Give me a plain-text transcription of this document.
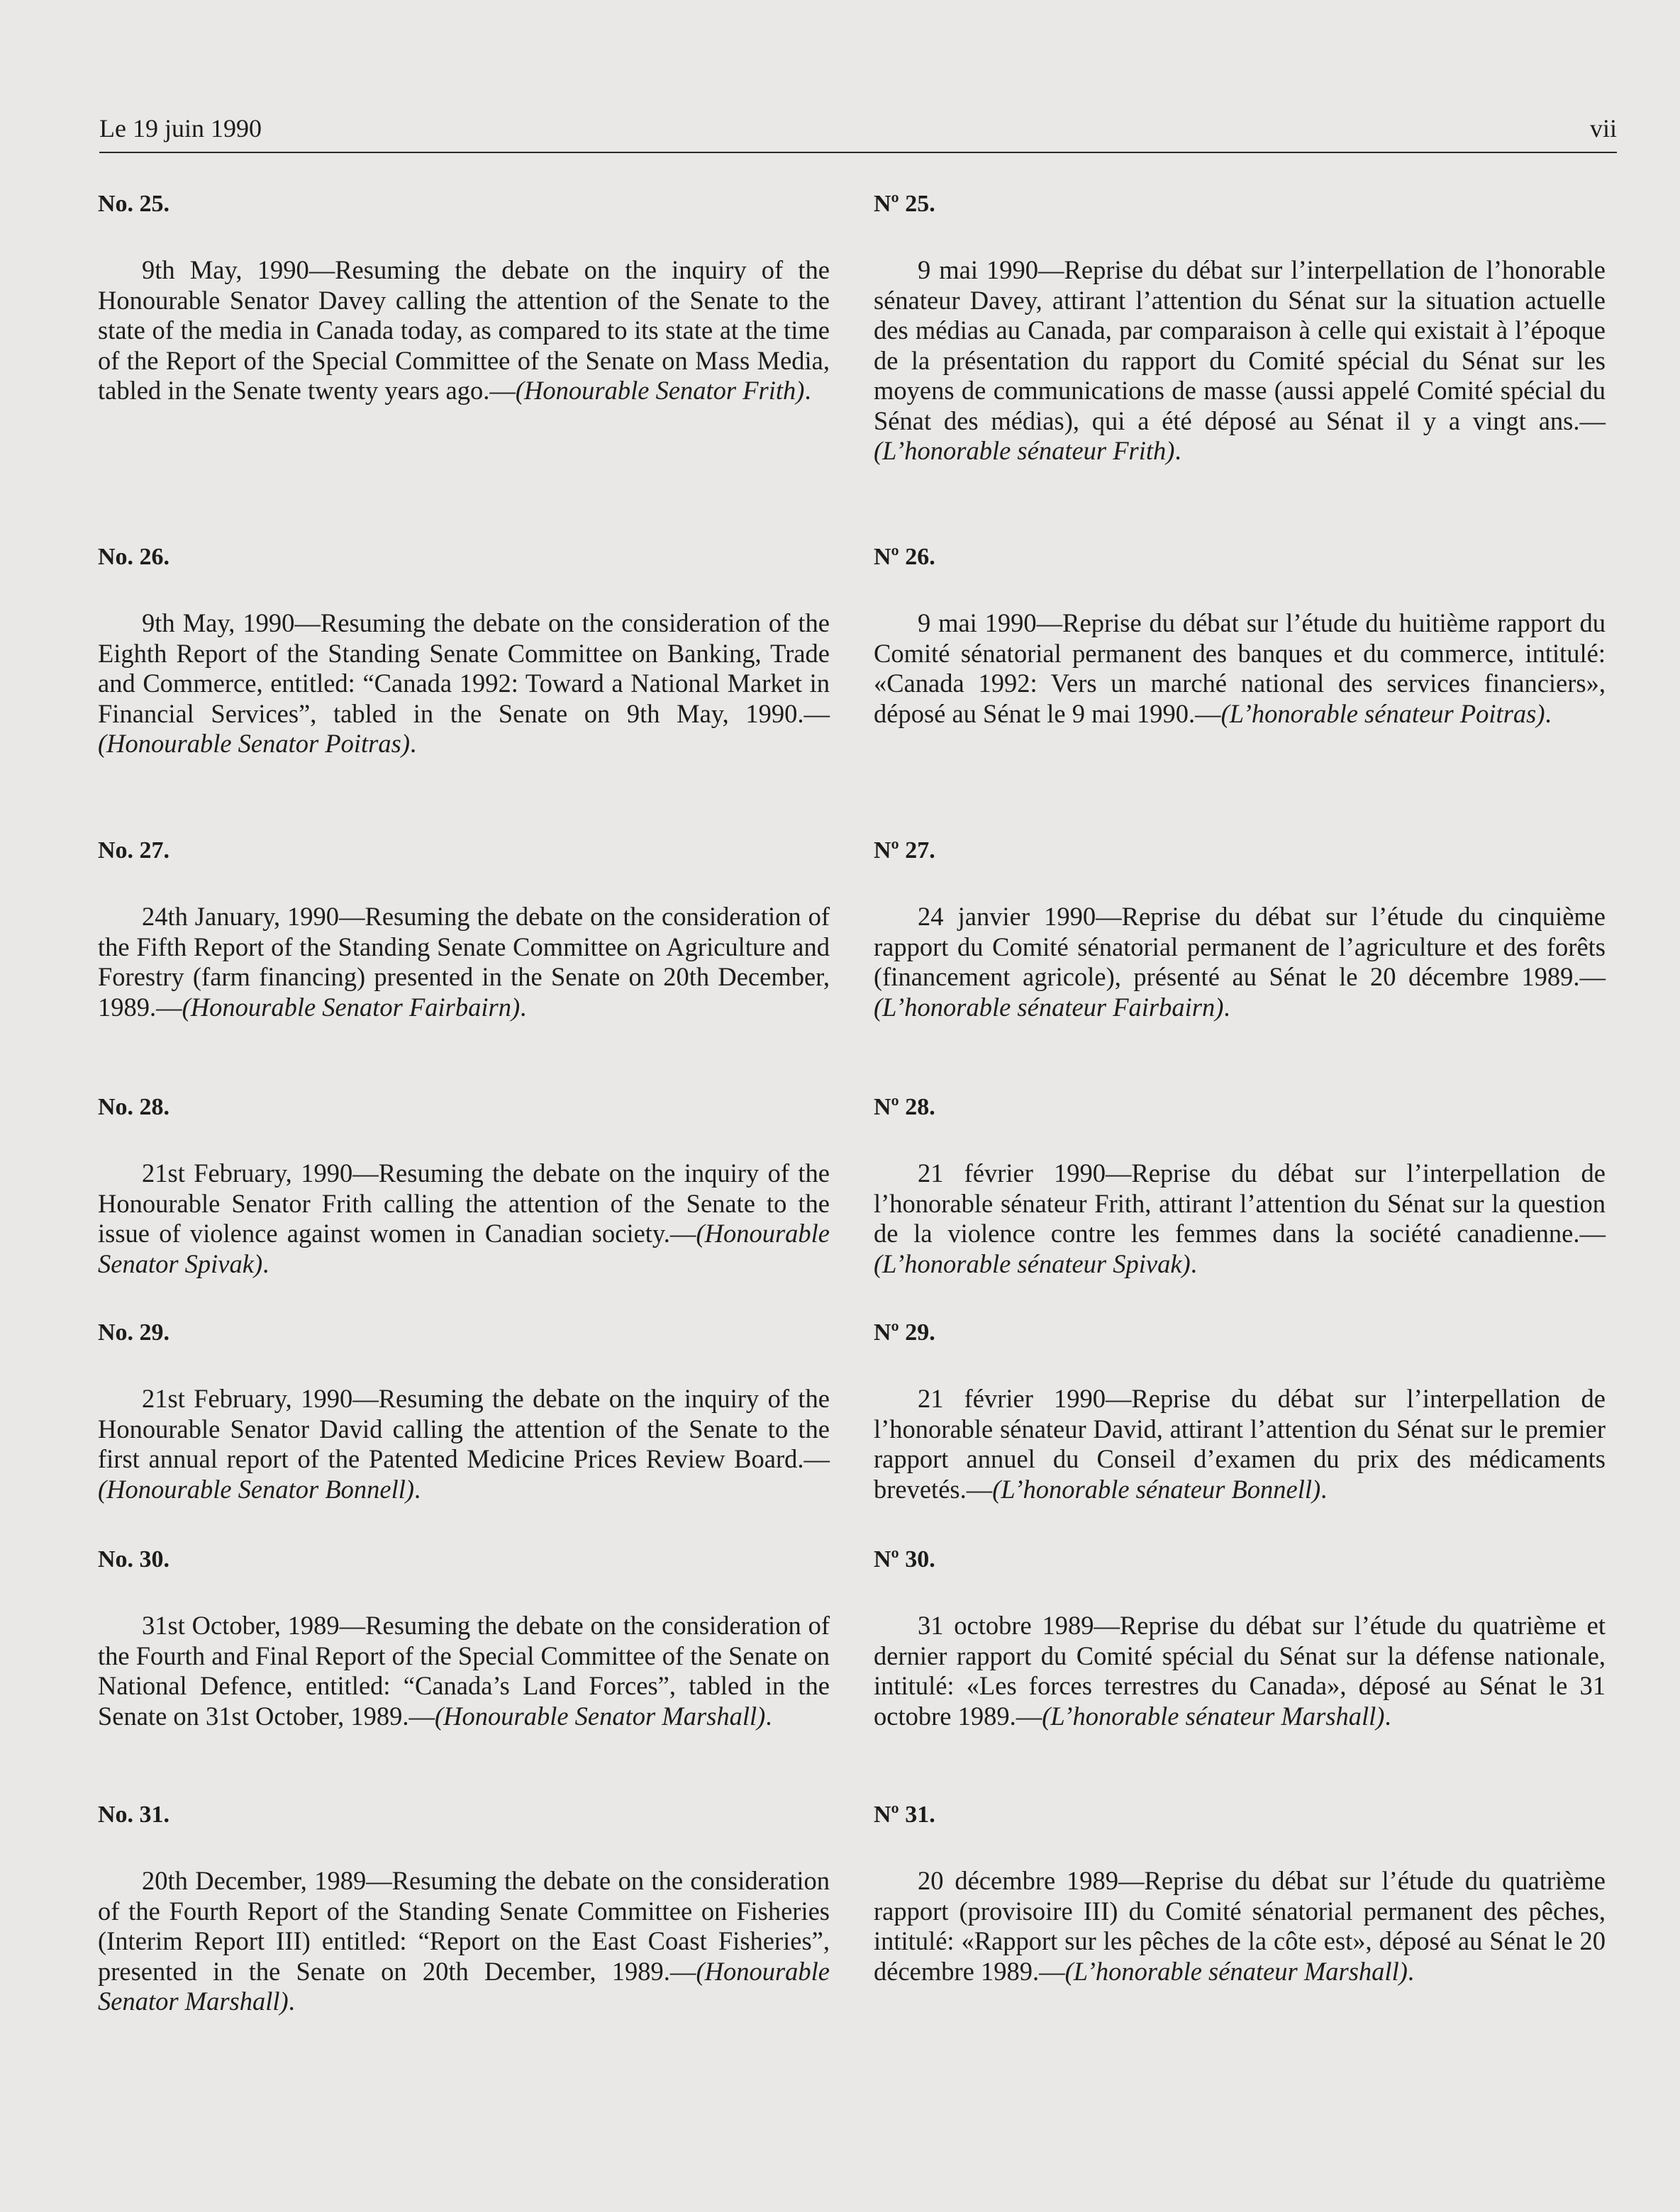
Le 19 juin 1990	vii

No. 25.

9th May, 1990—Resuming the debate on the inquiry of the Honourable Senator Davey calling the attention of the Senate to the state of the media in Canada today, as compared to its state at the time of the Report of the Special Committee of the Senate on Mass Media, tabled in the Senate twenty years ago.—(Honourable Senator Frith).

No. 26.

9th May, 1990—Resuming the debate on the consideration of the Eighth Report of the Standing Senate Committee on Banking, Trade and Commerce, entitled: “Canada 1992: Toward a National Market in Financial Services”, tabled in the Senate on 9th May, 1990.—(Honourable Senator Poitras).

No. 27.

24th January, 1990—Resuming the debate on the consideration of the Fifth Report of the Standing Senate Committee on Agriculture and Forestry (farm financing) presented in the Senate on 20th December, 1989.—(Honourable Senator Fairbairn).

No. 28.

21st February, 1990—Resuming the debate on the inquiry of the Honourable Senator Frith calling the attention of the Senate to the issue of violence against women in Canadian society.—(Honourable Senator Spivak).

No. 29.

21st February, 1990—Resuming the debate on the inquiry of the Honourable Senator David calling the attention of the Senate to the first annual report of the Patented Medicine Prices Review Board.—(Honourable Senator Bonnell).

No. 30.

31st October, 1989—Resuming the debate on the consideration of the Fourth and Final Report of the Special Committee of the Senate on National Defence, entitled: “Canada’s Land Forces”, tabled in the Senate on 31st October, 1989.—(Honourable Senator Marshall).

No. 31.

20th December, 1989—Resuming the debate on the consideration of the Fourth Report of the Standing Senate Committee on Fisheries (Interim Report III) entitled: “Report on the East Coast Fisheries”, presented in the Senate on 20th December, 1989.—(Honourable Senator Marshall).

Nº 25.

9 mai 1990—Reprise du débat sur l’interpellation de l’honorable sénateur Davey, attirant l’attention du Sénat sur la situation actuelle des médias au Canada, par comparaison à celle qui existait à l’époque de la présentation du rapport du Comité spécial du Sénat sur les moyens de communications de masse (aussi appelé Comité spécial du Sénat des médias), qui a été déposé au Sénat il y a vingt ans.—(L’honorable sénateur Frith).

Nº 26.

9 mai 1990—Reprise du débat sur l’étude du huitième rapport du Comité sénatorial permanent des banques et du commerce, intitulé: «Canada 1992: Vers un marché national des services financiers», déposé au Sénat le 9 mai 1990.—(L’honorable sénateur Poitras).

Nº 27.

24 janvier 1990—Reprise du débat sur l’étude du cinquième rapport du Comité sénatorial permanent de l’agriculture et des forêts (financement agricole), présenté au Sénat le 20 décembre 1989.—(L’honorable sénateur Fairbairn).

Nº 28.

21 février 1990—Reprise du débat sur l’interpellation de l’honorable sénateur Frith, attirant l’attention du Sénat sur la question de la violence contre les femmes dans la société canadienne.—(L’honorable sénateur Spivak).

Nº 29.

21 février 1990—Reprise du débat sur l’interpellation de l’honorable sénateur David, attirant l’attention du Sénat sur le premier rapport annuel du Conseil d’examen du prix des médicaments brevetés.—(L’honorable sénateur Bonnell).

Nº 30.

31 octobre 1989—Reprise du débat sur l’étude du quatrième et dernier rapport du Comité spécial du Sénat sur la défense nationale, intitulé: «Les forces terrestres du Canada», déposé au Sénat le 31 octobre 1989.—(L’honorable sénateur Marshall).

Nº 31.

20 décembre 1989—Reprise du débat sur l’étude du quatrième rapport (provisoire III) du Comité sénatorial permanent des pêches, intitulé: «Rapport sur les pêches de la côte est», déposé au Sénat le 20 décembre 1989.—(L’honorable sénateur Marshall).
